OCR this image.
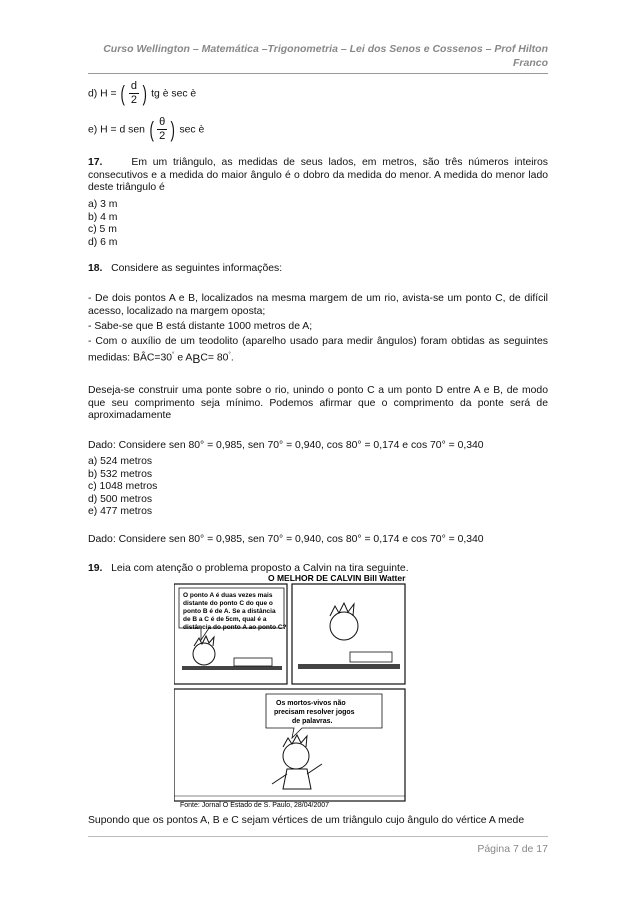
Curso Wellington – Matemática –Trigonometria – Lei dos Senos e Cossenos – Prof Hilton
Franco
d) H = ( $\frac{d}{2}$ ) tg è sec è
e) H = d sen ( $\frac{\theta}{2}$ ) sec è
17.	Em um triângulo, as medidas de seus lados, em metros, são três números inteiros consecutivos e a medida do maior ângulo é o dobro da medida do menor. A medida do menor lado deste triângulo é
a) 3 m
b) 4 m
c) 5 m
d) 6 m
18. Considere as seguintes informações:
- De dois pontos A e B, localizados na mesma margem de um rio, avista-se um ponto C, de difícil acesso, localizado na margem oposta;
- Sabe-se que B está distante 1000 metros de A;
- Com o auxílio de um teodolito (aparelho usado para medir ângulos) foram obtidas as seguintes medidas: BÂC=30° e ABC= 80°.
Deseja-se construir uma ponte sobre o rio, unindo o ponto C a um ponto D entre A e B, de modo que seu comprimento seja mínimo. Podemos afirmar que o comprimento da ponte será de aproximadamente
Dado: Considere sen 80° = 0,985, sen 70° = 0,940, cos 80° = 0,174 e cos 70° = 0,340
a) 524 metros
b) 532 metros
c) 1048 metros
d) 500 metros
e) 477 metros
Dado: Considere sen 80° = 0,985, sen 70° = 0,940, cos 80° = 0,174 e cos 70° = 0,340
19. Leia com atenção o problema proposto a Calvin na tira seguinte.
O MELHOR DE CALVIN Bill Watterson
O ponto A é duas vezes mais
distante do ponto C do que o
ponto B é de A. Se a distância
de B a C é de 5cm, qual é a
distância do ponto A ao ponto C?
Os mortos-vivos não
precisam resolver jogos
de palavras.
Fonte: Jornal O Estado de S. Paulo, 28/04/2007
Supondo que os pontos A, B e C sejam vértices de um triângulo cujo ângulo do vértice A mede
Página 7 de 17
